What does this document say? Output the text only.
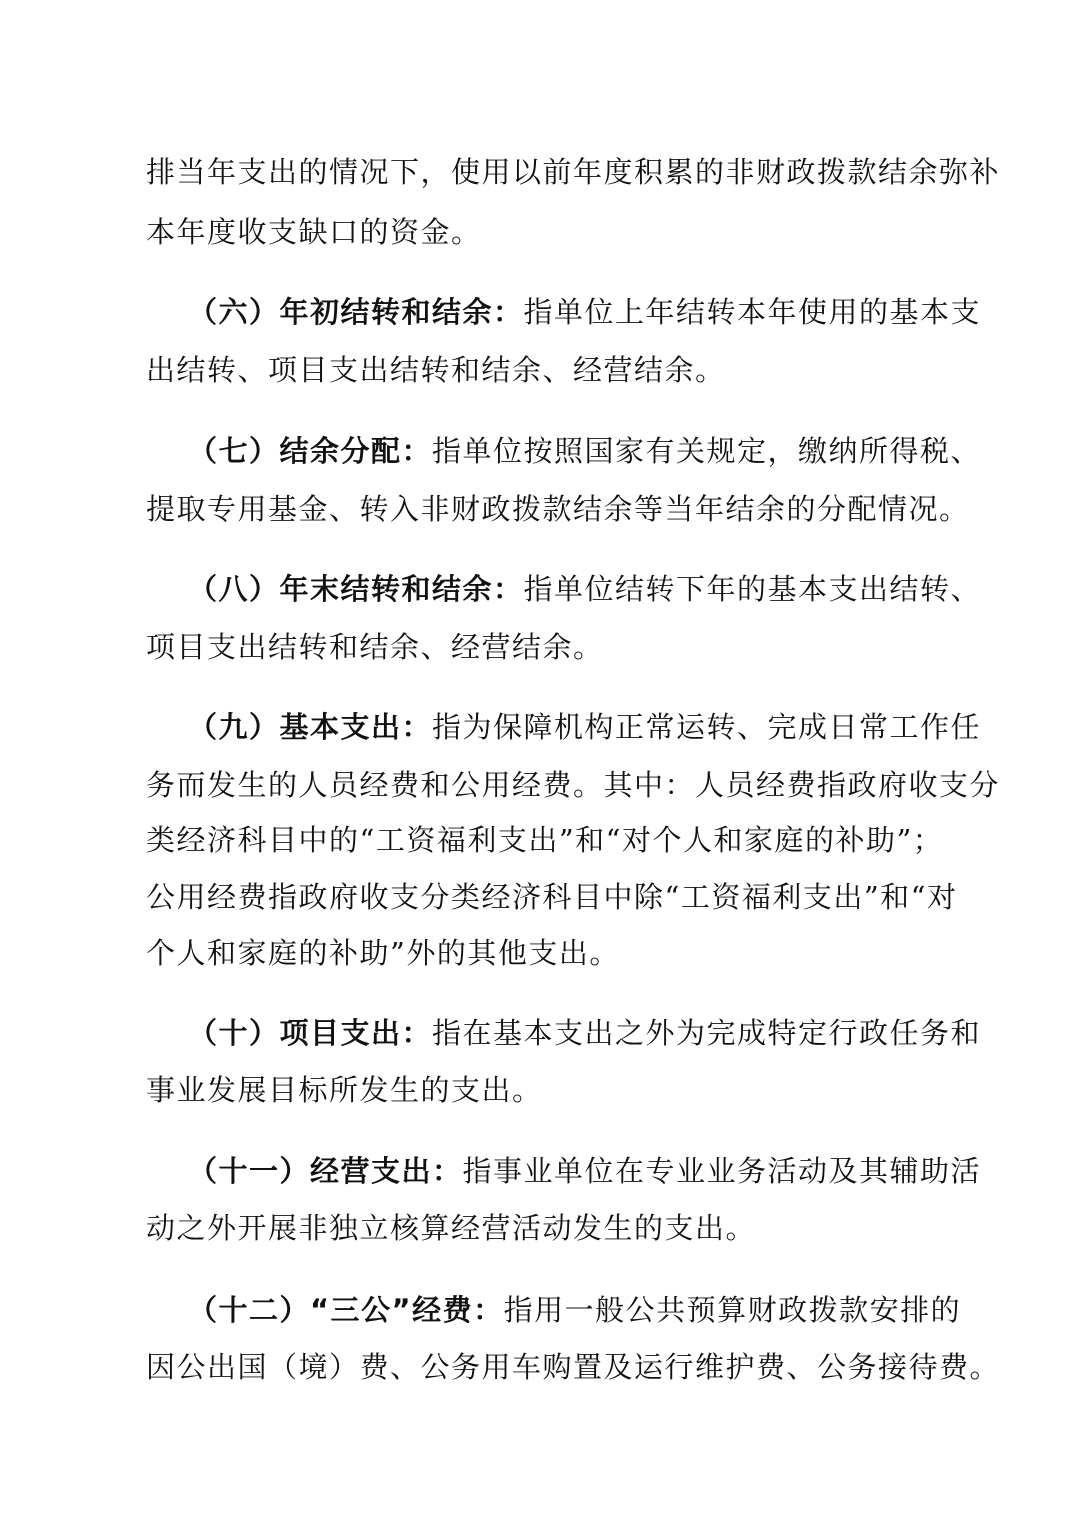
排当年支出的情况下，使用以前年度积累的非财政拨款结余弥补
本年度收支缺口的资金。
（六）年初结转和结余：指单位上年结转本年使用的基本支
出结转、项目支出结转和结余、经营结余。
（七）结余分配：指单位按照国家有关规定，缴纳所得税、
提取专用基金、转入非财政拨款结余等当年结余的分配情况。
（八）年末结转和结余：指单位结转下年的基本支出结转、
项目支出结转和结余、经营结余。
（九）基本支出：指为保障机构正常运转、完成日常工作任
务而发生的人员经费和公用经费。其中：人员经费指政府收支分
类经济科目中的“工资福利支出”和“对个人和家庭的补助”；
公用经费指政府收支分类经济科目中除“工资福利支出”和“对
个人和家庭的补助”外的其他支出。
（十）项目支出：指在基本支出之外为完成特定行政任务和
事业发展目标所发生的支出。
（十一）经营支出：指事业单位在专业业务活动及其辅助活
动之外开展非独立核算经营活动发生的支出。
（十二）“三公”经费：指用一般公共预算财政拨款安排的
因公出国（境）费、公务用车购置及运行维护费、公务接待费。
